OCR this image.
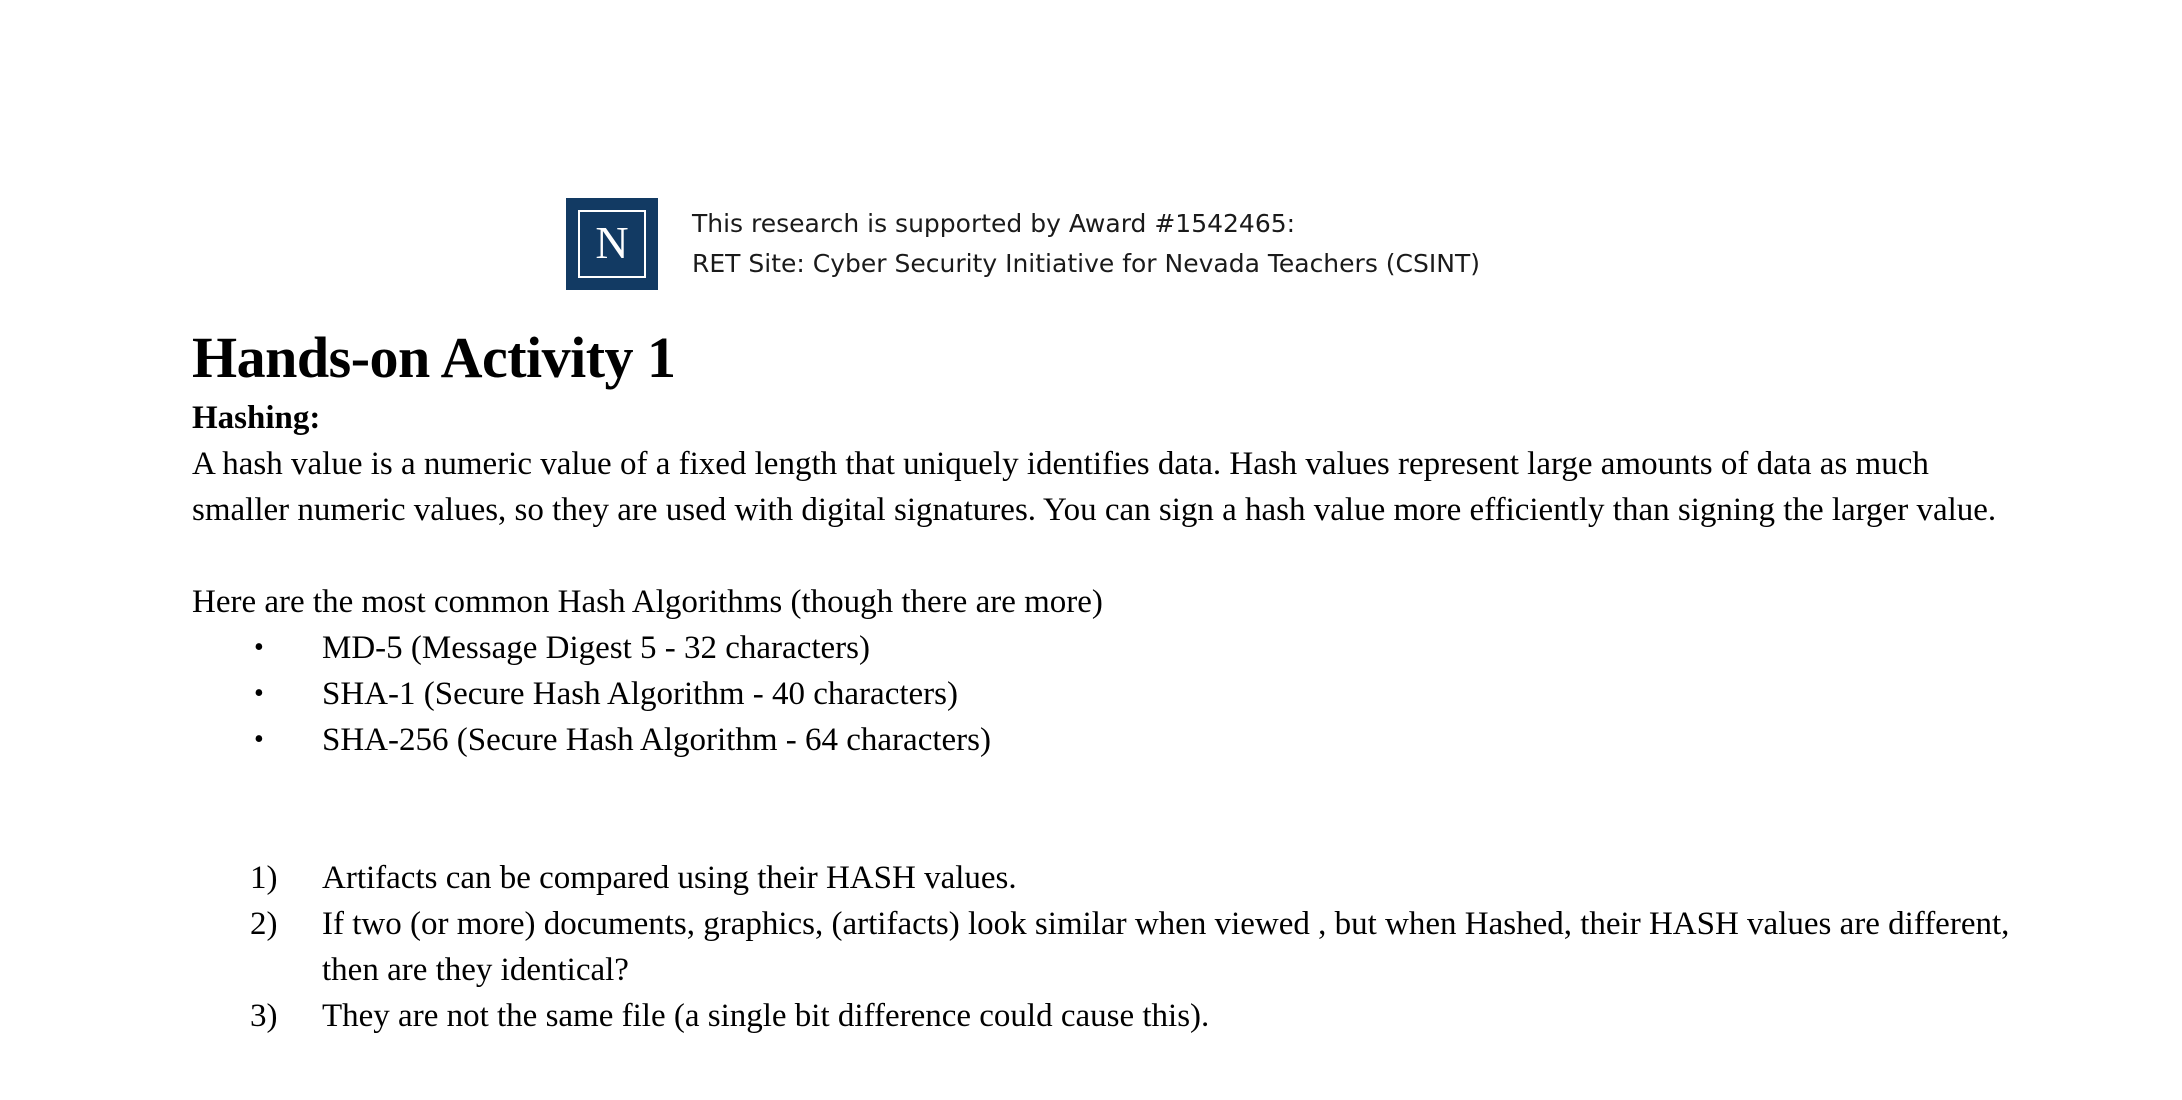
N	This research is supported by Award #1542465:
RET Site: Cyber Security Initiative for Nevada Teachers (CSINT)
Hands-on Activity 1

Hashing:

A hash value is a numeric value of a fixed length that uniquely identifies data. Hash values represent large amounts of data as much smaller numeric values, so they are used with digital signatures. You can sign a hash value more efficiently than signing the larger value.

Here are the most common Hash Algorithms (though there are more)

• MD-5 (Message Digest 5 - 32 characters)
• SHA-1 (Secure Hash Algorithm - 40 characters)
• SHA-256 (Secure Hash Algorithm - 64 characters)
1)	Artifacts can be compared using their HASH values.
2)	If two (or more) documents, graphics, (artifacts) look similar when viewed , but when Hashed, their HASH values are different, then are they identical?
3)	They are not the same file (a single bit difference could cause this).
